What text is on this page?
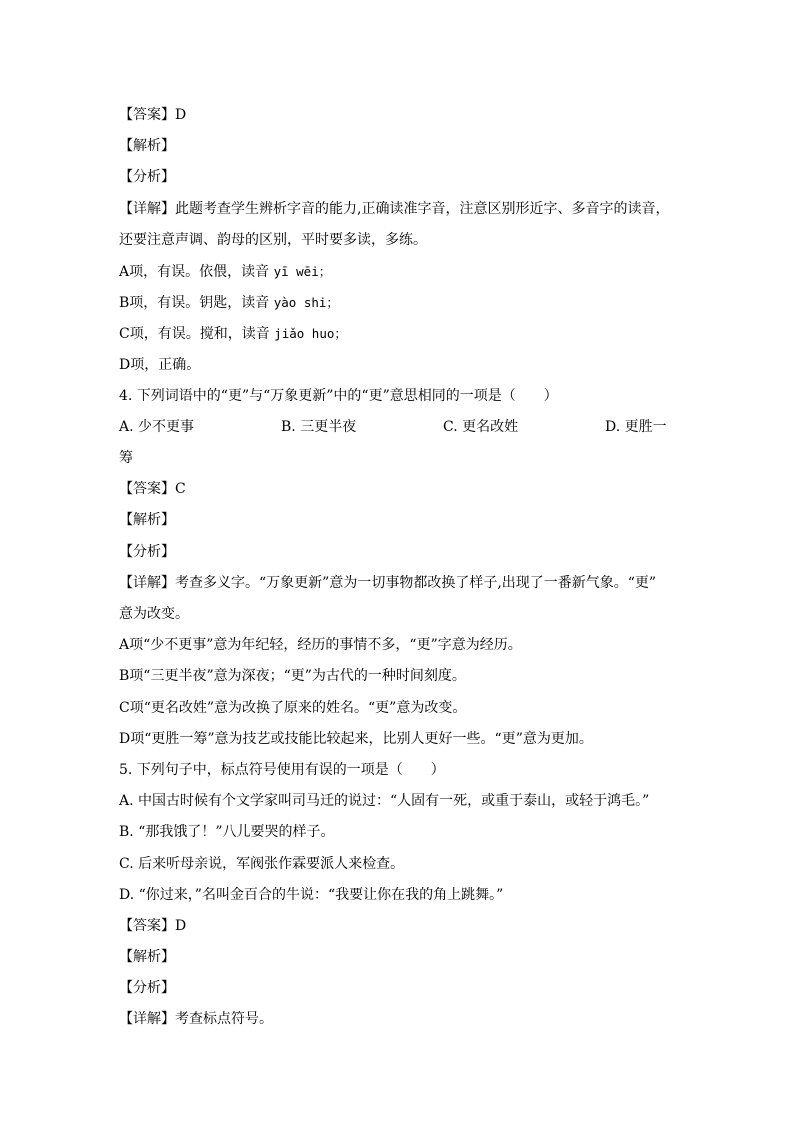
【答案】D
【解析】
【分析】
【详解】此题考查学生辨析字音的能力,正确读准字音，注意区别形近字、多音字的读音，
还要注意声调、韵母的区别，平时要多读，多练。
A项，有误。依偎，读音 yī wēi；
B项，有误。钥匙，读音 yào shi；
C项，有误。搅和，读音 jiǎo huo；
D项，正确。
4. 下列词语中的“更”与“万象更新”中的“更”意思相同的一项是（　　）
A. 少不更事	B. 三更半夜	C. 更名改姓	D. 更胜一
筹
【答案】C
【解析】
【分析】
【详解】考查多义字。“万象更新”意为一切事物都改换了样子,出现了一番新气象。“更”
意为改变。
A项“少不更事”意为年纪轻，经历的事情不多，“更”字意为经历。
B项“三更半夜”意为深夜；“更”为古代的一种时间刻度。
C项“更名改姓”意为改换了原来的姓名。“更”意为改变。
D项“更胜一筹”意为技艺或技能比较起来，比别人更好一些。“更”意为更加。
5. 下列句子中，标点符号使用有误的一项是（　　）
A. 中国古时候有个文学家叫司马迁的说过：“人固有一死，或重于泰山，或轻于鸿毛。”
B. “那我饿了！”八儿要哭的样子。
C. 后来听母亲说，军阀张作霖要派人来检查。
D. “你过来，”名叫金百合的牛说：“我要让你在我的角上跳舞。”
【答案】D
【解析】
【分析】
【详解】考查标点符号。
